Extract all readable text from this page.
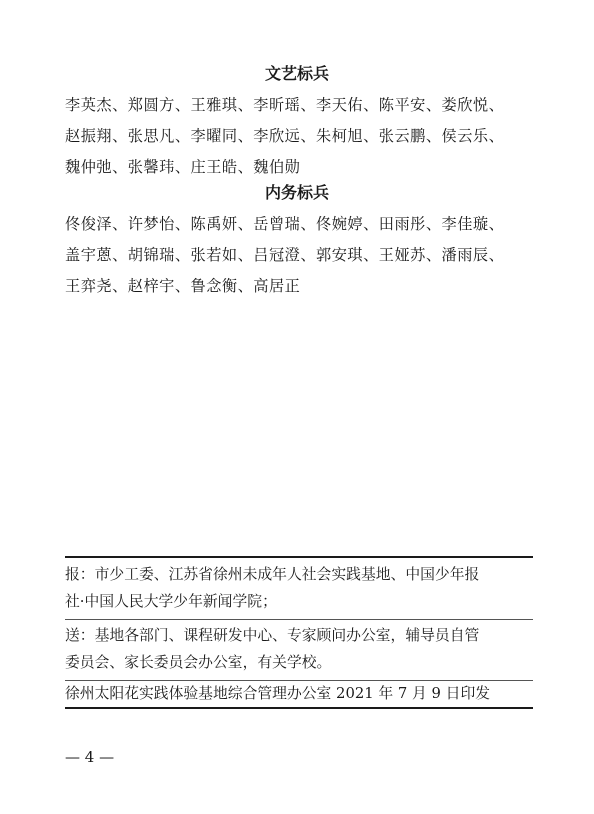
文艺标兵
李英杰、郑圆方、王雅琪、李昕瑶、李天佑、陈平安、娄欣悦、
赵振翔、张思凡、李曜同、李欣远、朱柯旭、张云鹏、侯云乐、
魏仲弛、张馨玮、庄王皓、魏伯勋
内务标兵
佟俊泽、许梦怡、陈禹妍、岳曾瑞、佟婉婷、田雨彤、李佳璇、
盖宇蒽、胡锦瑞、张若如、吕冠澄、郭安琪、王娅苏、潘雨辰、
王弈尧、赵梓宇、鲁念衡、高居正
报：市少工委、江苏省徐州未成年人社会实践基地、中国少年报
社·中国人民大学少年新闻学院；
送：基地各部门、课程研发中心、专家顾问办公室，辅导员自管
委员会、家长委员会办公室，有关学校。
徐州太阳花实践体验基地综合管理办公室 2021 年 7 月 9 日印发
— 4 —
